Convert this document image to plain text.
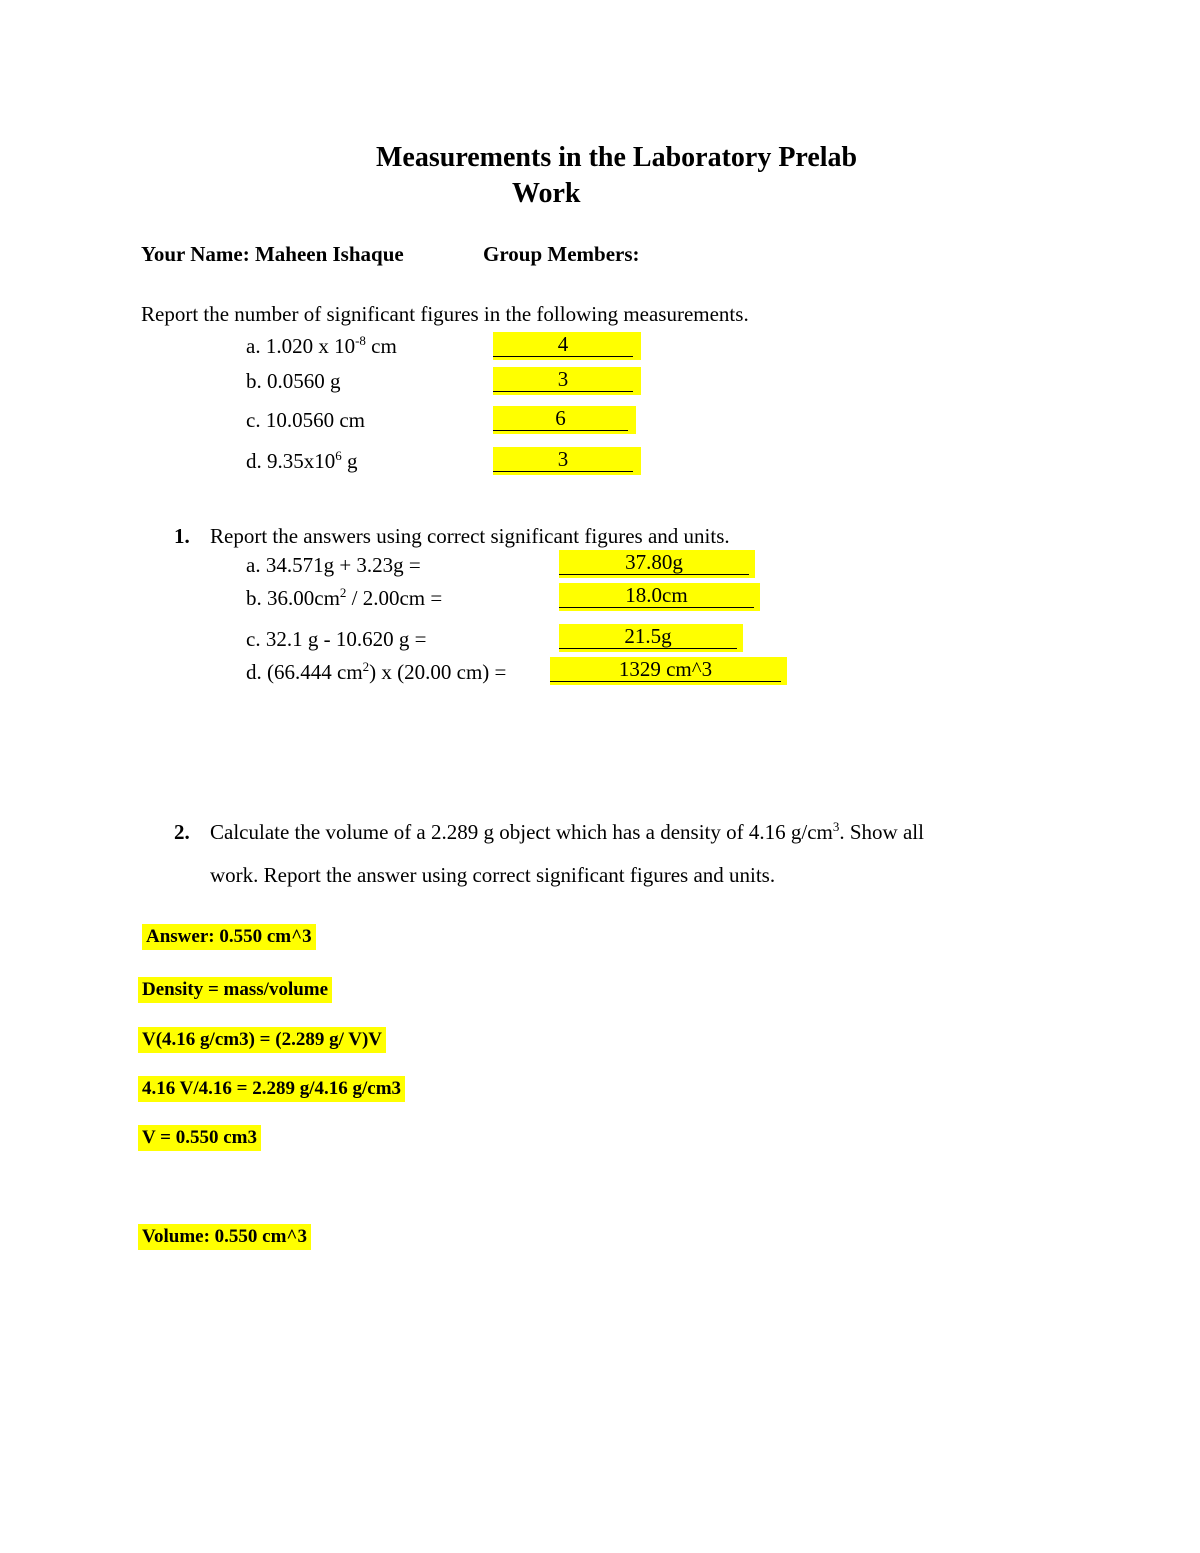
Measurements in the Laboratory Prelab
Work
Your Name: Maheen Ishaque	Group Members:
Report the number of significant figures in the following measurements.
a. 1.020 x $10^{-8}$ cm	4
b. 0.0560 g	3
c. 10.0560 cm	6
d. $9.35x10^6$ g	3
1. Report the answers using correct significant figures and units.
a. 34.571g + 3.23g =	37.80g
b. $36.00cm^2 / 2.00cm$ =	18.0cm
c. 32.1 g - 10.620 g =	21.5g
d. (66.444 $cm^2$) x (20.00 cm) =	1329 cm^3
2. Calculate the volume of a 2.289 g object which has a density of 4.16 $g/cm^3$. Show all
work. Report the answer using correct significant figures and units.
Answer: 0.550 cm^3
Density = mass/volume
V(4.16 g/cm3) = (2.289 g/ V)V
4.16 V/4.16 = 2.289 g/4.16 g/cm3
V = 0.550 cm3
Volume: 0.550 cm^3
